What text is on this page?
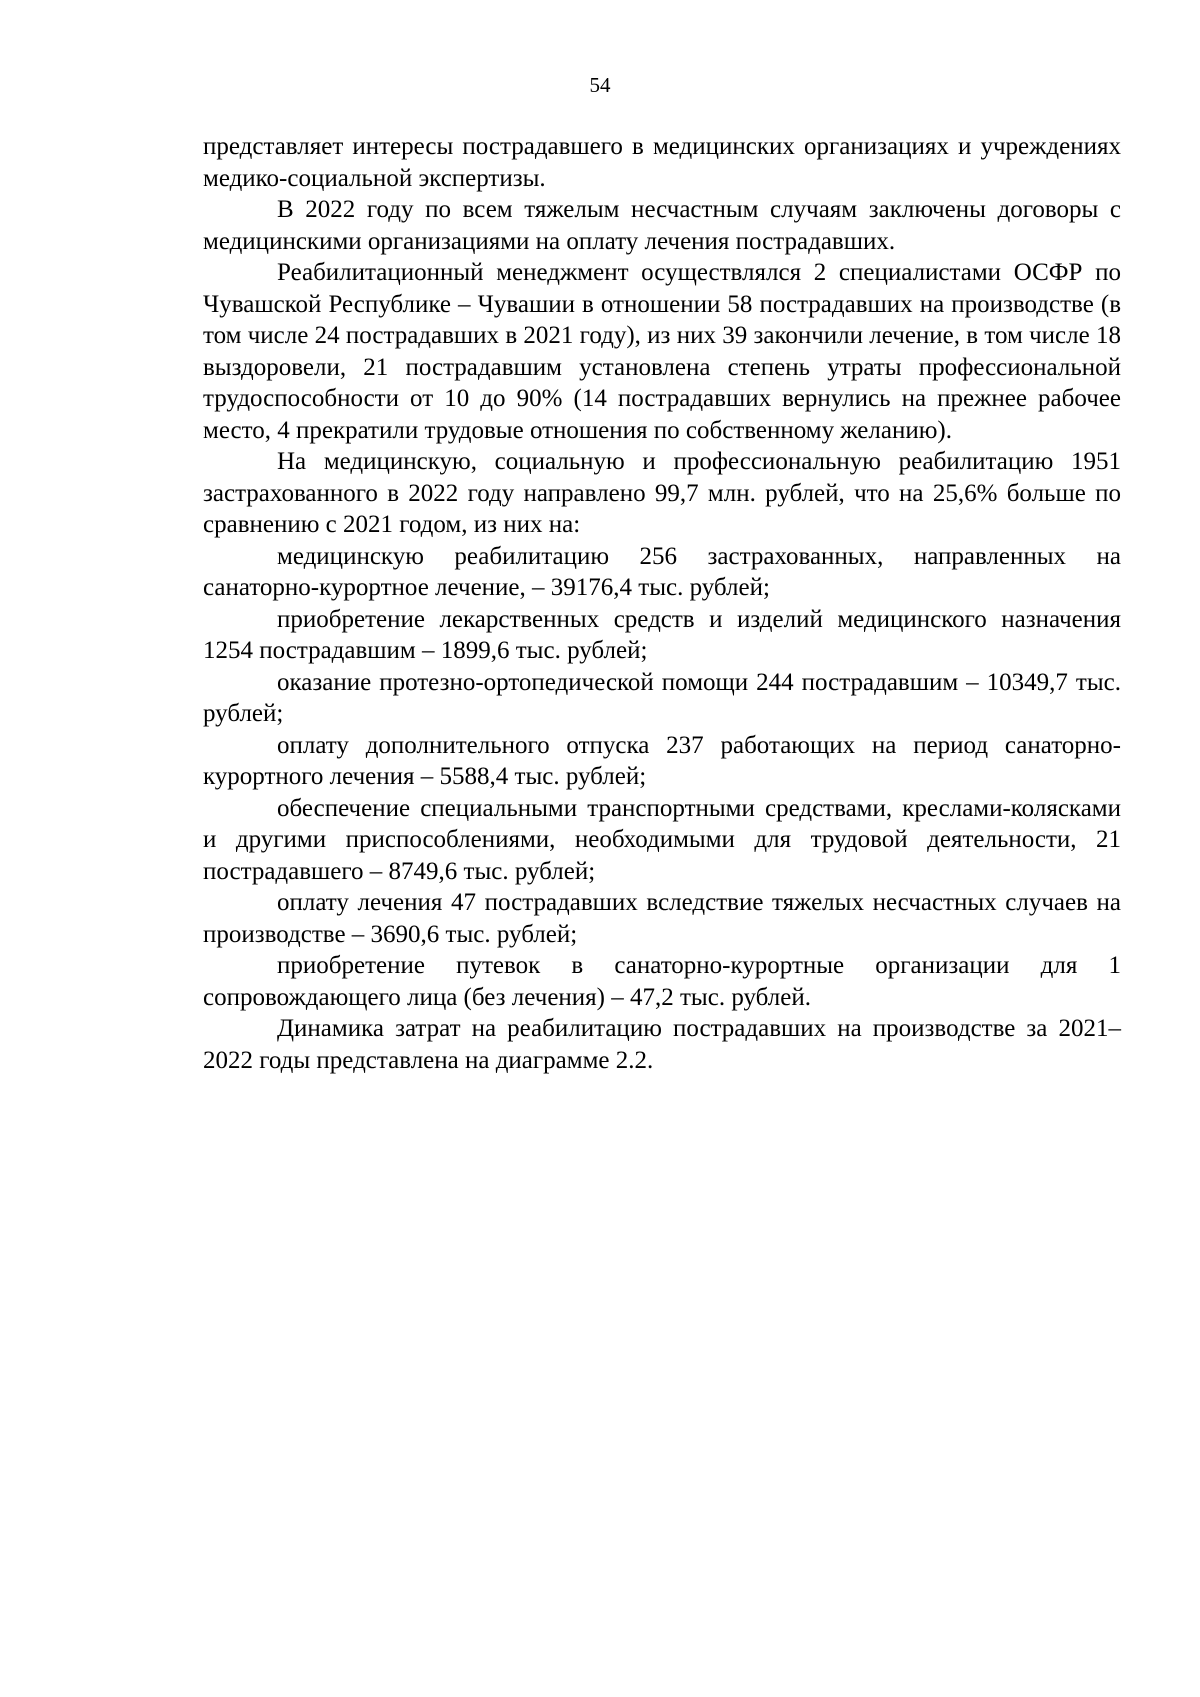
54

представляет интересы пострадавшего в медицинских организациях и учреждениях медико-социальной экспертизы.

В 2022 году по всем тяжелым несчастным случаям заключены договоры с медицинскими организациями на оплату лечения пострадавших.

Реабилитационный менеджмент осуществлялся 2 специалистами ОСФР по Чувашской Республике – Чувашии в отношении 58 пострадавших на производстве (в том числе 24 пострадавших в 2021 году), из них 39 закончили лечение, в том числе 18 выздоровели, 21 пострадавшим установлена степень утраты профессиональной трудоспособности от 10 до 90% (14 пострадавших вернулись на прежнее рабочее место, 4 прекратили трудовые отношения по собственному желанию).

На медицинскую, социальную и профессиональную реабилитацию 1951 застрахованного в 2022 году направлено 99,7 млн. рублей, что на 25,6% больше по сравнению с 2021 годом, из них на:

медицинскую реабилитацию 256 застрахованных, направленных на санаторно-курортное лечение, – 39176,4 тыс. рублей;

приобретение лекарственных средств и изделий медицинского назначения 1254 пострадавшим – 1899,6 тыс. рублей;

оказание протезно-ортопедической помощи 244 пострадавшим – 10349,7 тыс. рублей;

оплату дополнительного отпуска 237 работающих на период санаторно-курортного лечения – 5588,4 тыс. рублей;

обеспечение специальными транспортными средствами, креслами-колясками и другими приспособлениями, необходимыми для трудовой деятельности, 21 пострадавшего – 8749,6 тыс. рублей;

оплату лечения 47 пострадавших вследствие тяжелых несчастных случаев на производстве – 3690,6 тыс. рублей;

приобретение путевок в санаторно-курортные организации для 1 сопровождающего лица (без лечения) – 47,2 тыс. рублей.

Динамика затрат на реабилитацию пострадавших на производстве за 2021–2022 годы представлена на диаграмме 2.2.
